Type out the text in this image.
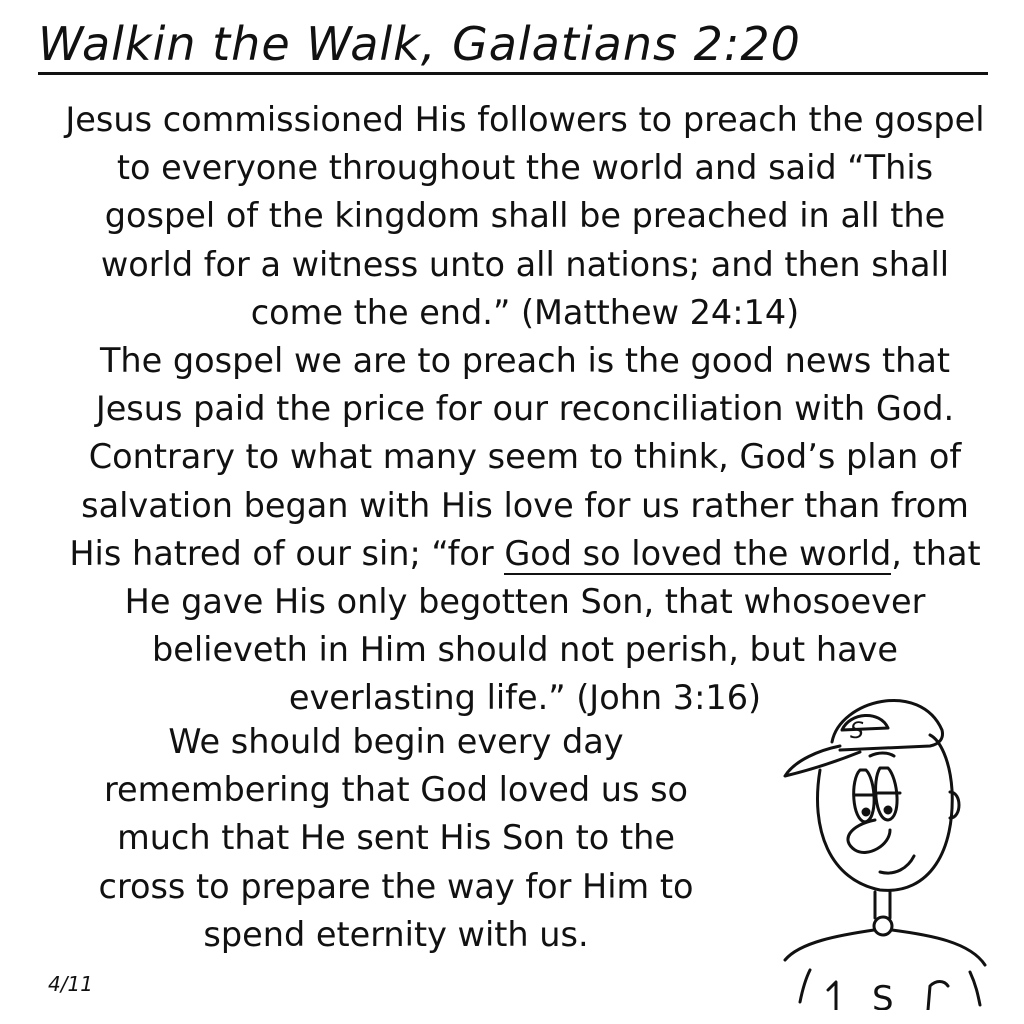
Walkin the Walk, Galatians 2:20

Jesus commissioned His followers to preach the gospel to everyone throughout the world and said “This gospel of the kingdom shall be preached in all the world for a witness unto all nations; and then shall come the end.” (Matthew 24:14)

The gospel we are to preach is the good news that Jesus paid the price for our reconciliation with God. Contrary to what many seem to think, God’s plan of salvation began with His love for us rather than from His hatred of our sin; “for God so loved the world, that He gave His only begotten Son, that whosoever believeth in Him should not perish, but have everlasting life.” (John 3:16)

We should begin every day remembering that God loved us so much that He sent His Son to the cross to prepare the way for Him to spend eternity with us.
4/11
S
S
